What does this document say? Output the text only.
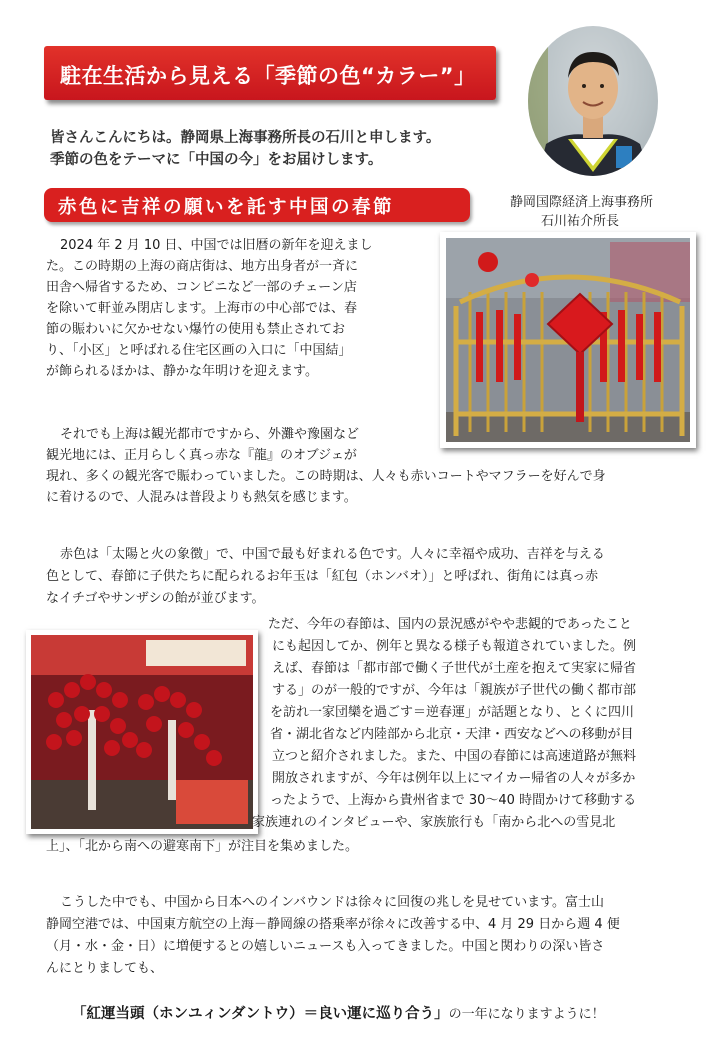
駐在生活から見える「季節の色“カラー”」
静岡国際経済上海事務所
石川祐介所長
皆さんこんにちは。静岡県上海事務所長の石川と申します。
季節の色をテーマに「中国の今」をお届けします。
赤色に吉祥の願いを託す中国の春節
2024 年 2 月 10 日、中国では旧暦の新年を迎えまし
た。この時期の上海の商店街は、地方出身者が一斉に
田舎へ帰省するため、コンビニなど一部のチェーン店
を除いて軒並み閉店します。上海市の中心部では、春
節の賑わいに欠かせない爆竹の使用も禁止されてお
り、「小区」と呼ばれる住宅区画の入口に「中国結」
が飾られるほかは、静かな年明けを迎えます。
それでも上海は観光都市ですから、外灘や豫園など
観光地には、正月らしく真っ赤な『龍』のオブジェが
現れ、多くの観光客で賑わっていました。この時期は、人々も赤いコートやマフラーを好んで身
に着けるので、人混みは普段よりも熱気を感じます。
赤色は「太陽と火の象徴」で、中国で最も好まれる色です。人々に幸福や成功、吉祥を与える
色として、春節に子供たちに配られるお年玉は「紅包（ホンバオ）」と呼ばれ、街角には真っ赤
なイチゴやサンザシの飴が並びます。
ただ、今年の春節は、国内の景況感がやや悲観的であったこと
にも起因してか、例年と異なる様子も報道されていました。例
えば、春節は「都市部で働く子世代が土産を抱えて実家に帰省
する」のが一般的ですが、今年は「親族が子世代の働く都市部
を訪れ一家団欒を過ごす＝逆春運」が話題となり、とくに四川
省・湖北省など内陸部から北京・天津・西安などへの移動が目
立つと紹介されました。また、中国の春節には高速道路が無料
開放されますが、今年は例年以上にマイカー帰省の人々が多か
ったようで、上海から貴州省まで 30～40 時間かけて移動する
家族連れのインタビューや、家族旅行も「南から北への雪見北
上」、「北から南への避寒南下」が注目を集めました。
こうした中でも、中国から日本へのインバウンドは徐々に回復の兆しを見せています。富士山
静岡空港では、中国東方航空の上海－静岡線の搭乗率が徐々に改善する中、4 月 29 日から週 4 便
（月・水・金・日）に増便するとの嬉しいニュースも入ってきました。中国と関わりの深い皆さ
んにとりましても、
「紅運当頭（ホンユィンダントウ）＝良い運に巡り合う」の一年になりますように！
